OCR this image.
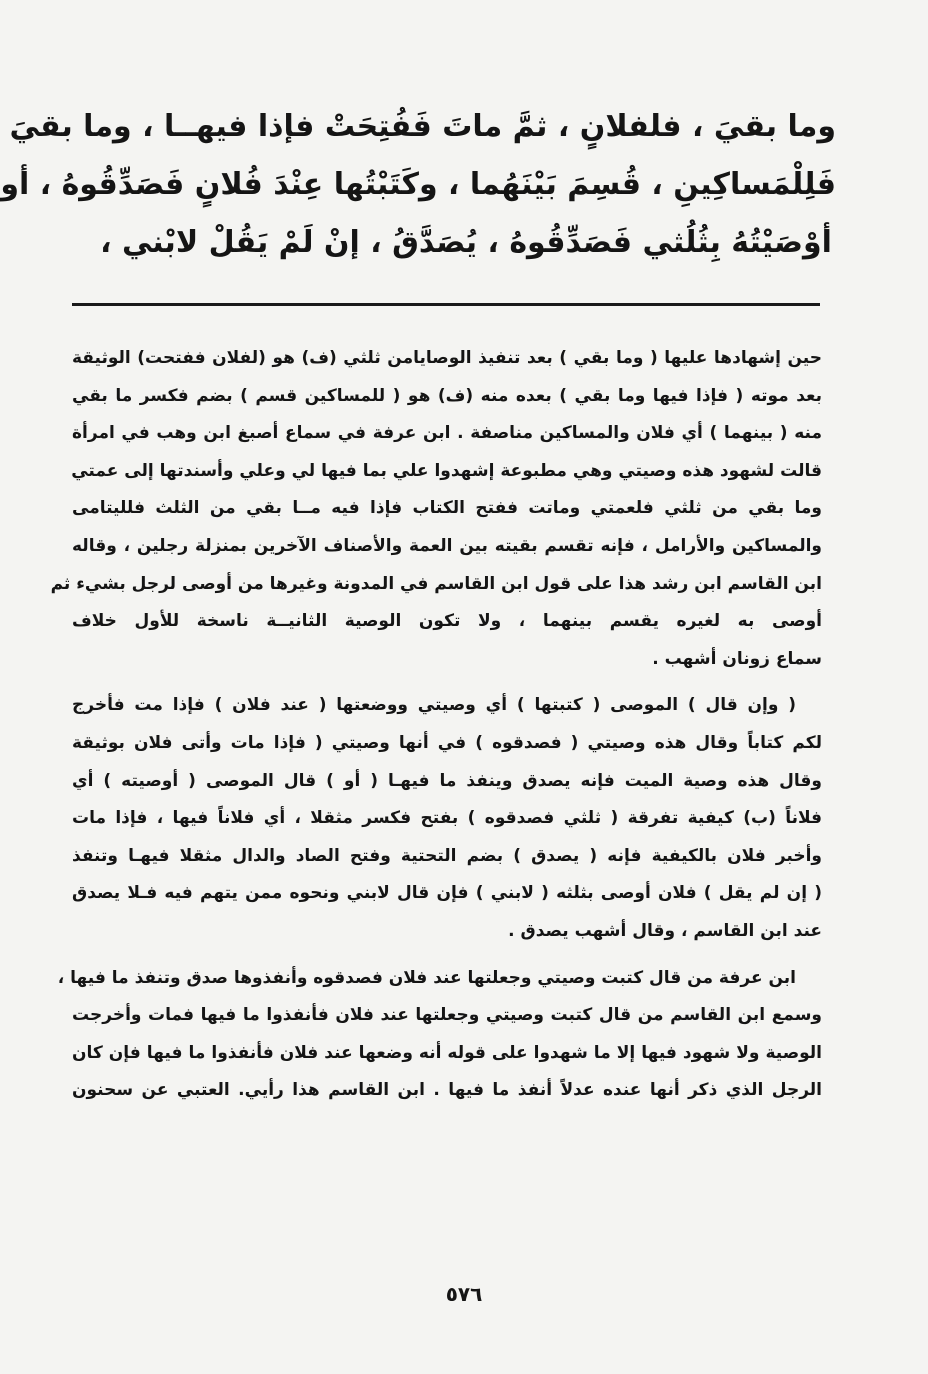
وما بقيَ ، فلفلانٍ ، ثمَّ ماتَ فَفُتِحَتْ فإذا فيهــا ، وما بقيَ
فَلِلْمَساكِينِ ، قُسِمَ بَيْنَهُما ، وكَتَبْتُها عِنْدَ فُلانٍ فَصَدِّقُوهُ ، أو
أوْصَيْتُهُ بِثُلُثي فَصَدِّقُوهُ ، يُصَدَّقُ ، إنْ لَمْ يَقُلْ لابْني ،
حين إشهادها عليها ( وما بقي ) بعد تنفيذ الوصايامن ثلثي (ف) هو (لفلان ففتحت) الوثيقة
بعد موته ( فإذا فيها وما بقي ) بعده منه (ف) هو ( للمساكين قسم ) بضم فكسر ما بقي
منه ( بينهما ) أي فلان والمساكين مناصفة . ابن عرفة في سماع أصبغ ابن وهب في امرأة
قالت لشهود هذه وصيتي وهي مطبوعة إشهدوا علي بما فيها لي وعلي وأسندتها إلى عمتي
وما بقي من ثلثي فلعمتي وماتت ففتح الكتاب فإذا فيه مــا بقي من الثلث فلليتامى
والمساكين والأرامل ، فإنه تقسم بقيته بين العمة والأصناف الآخرين بمنزلة رجلين ، وقاله
ابن القاسم ابن رشد هذا على قول ابن القاسم في المدونة وغيرها من أوصى لرجل بشيء ثم
أوصى به لغيره يقسم بينهما ، ولا تكون الوصية الثانيــة ناسخة للأول خلاف
سماع زونان أشهب .
( وإن قال ) الموصى ( كتبتها ) أي وصيتي ووضعتها ( عند فلان ) فإذا مت فأخرج
لكم كتاباً وقال هذه وصيتي ( فصدقوه ) في أنها وصيتي ( فإذا مات وأتى فلان بوثيقة
وقال هذه وصية الميت فإنه يصدق وينفذ ما فيهـا ( أو ) قال الموصى ( أوصيته ) أي
فلاناً (ب) كيفية تفرقة ( ثلثي فصدقوه ) بفتح فكسر مثقلا ، أي فلاناً فيها ، فإذا مات
وأخبر فلان بالكيفية فإنه ( يصدق ) بضم التحتية وفتح الصاد والدال مثقلا فيهـا وتنفذ
( إن لم يقل ) فلان أوصى بثلثه ( لابني ) فإن قال لابني ونحوه ممن يتهم فيه فـلا يصدق
عند ابن القاسم ، وقال أشهب يصدق .
ابن عرفة من قال كتبت وصيتي وجعلتها عند فلان فصدقوه وأنفذوها صدق وتنفذ ما فيها ،
وسمع ابن القاسم من قال كتبت وصيتي وجعلتها عند فلان فأنفذوا ما فيها فمات وأخرجت
الوصية ولا شهود فيها إلا ما شهدوا على قوله أنه وضعها عند فلان فأنفذوا ما فيها فإن كان
الرجل الذي ذكر أنها عنده عدلاً أنفذ ما فيها . ابن القاسم هذا رأيي. العتبي عن سحنون
٥٧٦
